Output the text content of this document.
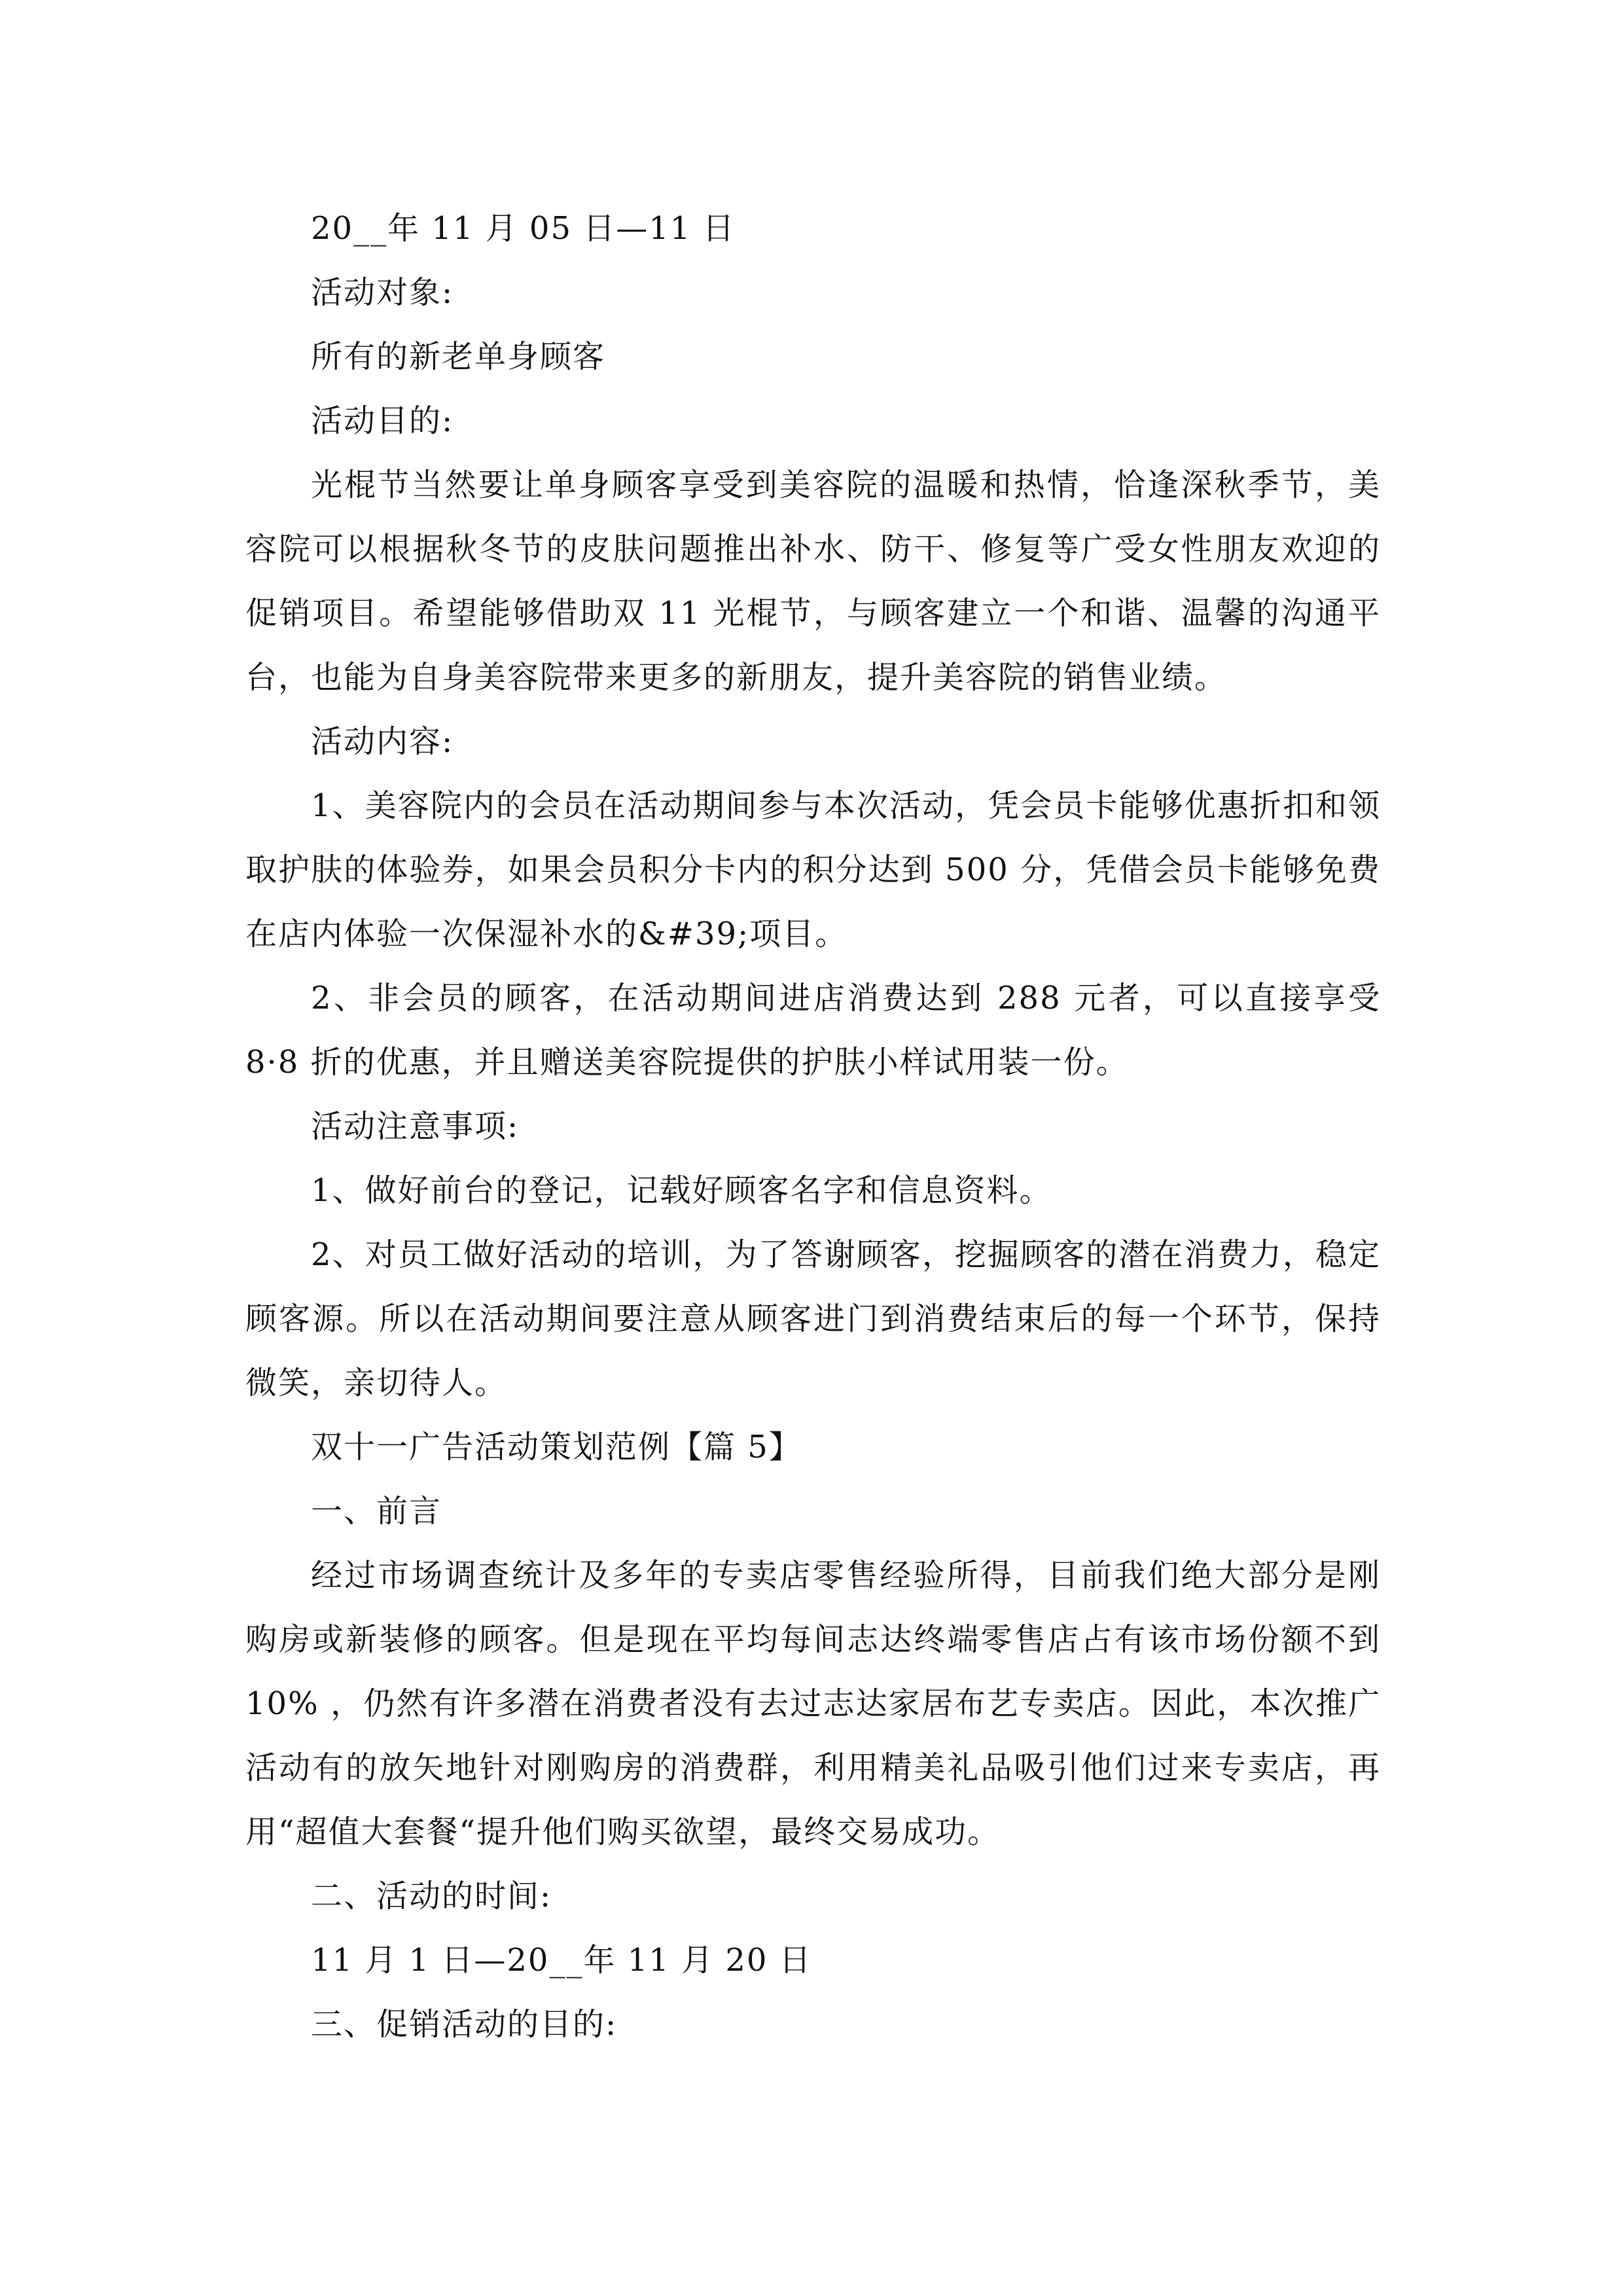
20__年 11 月 05 日—11 日

活动对象:

所有的新老单身顾客

活动目的:

光棍节当然要让单身顾客享受到美容院的温暖和热情，恰逢深秋季节，美容院可以根据秋冬节的皮肤问题推出补水、防干、修复等广受女性朋友欢迎的促销项目。希望能够借助双 11 光棍节，与顾客建立一个和谐、温馨的沟通平台，也能为自身美容院带来更多的新朋友，提升美容院的销售业绩。

活动内容:

1、美容院内的会员在活动期间参与本次活动，凭会员卡能够优惠折扣和领取护肤的体验券，如果会员积分卡内的积分达到 500 分，凭借会员卡能够免费在店内体验一次保湿补水的&#39;项目。

2、非会员的顾客，在活动期间进店消费达到 288 元者，可以直接享受 8·8 折的优惠，并且赠送美容院提供的护肤小样试用装一份。

活动注意事项:

1、做好前台的登记，记载好顾客名字和信息资料。

2、对员工做好活动的培训，为了答谢顾客，挖掘顾客的潜在消费力，稳定顾客源。所以在活动期间要注意从顾客进门到消费结束后的每一个环节，保持微笑，亲切待人。

双十一广告活动策划范例【篇 5】

一、前言

经过市场调查统计及多年的专卖店零售经验所得，目前我们绝大部分是刚购房或新装修的顾客。但是现在平均每间志达终端零售店占有该市场份额不到 10% ，仍然有许多潜在消费者没有去过志达家居布艺专卖店。因此，本次推广活动有的放矢地针对刚购房的消费群，利用精美礼品吸引他们过来专卖店，再用“超值大套餐“提升他们购买欲望，最终交易成功。

二、活动的时间:

11 月 1 日—20__年 11 月 20 日

三、促销活动的目的:
